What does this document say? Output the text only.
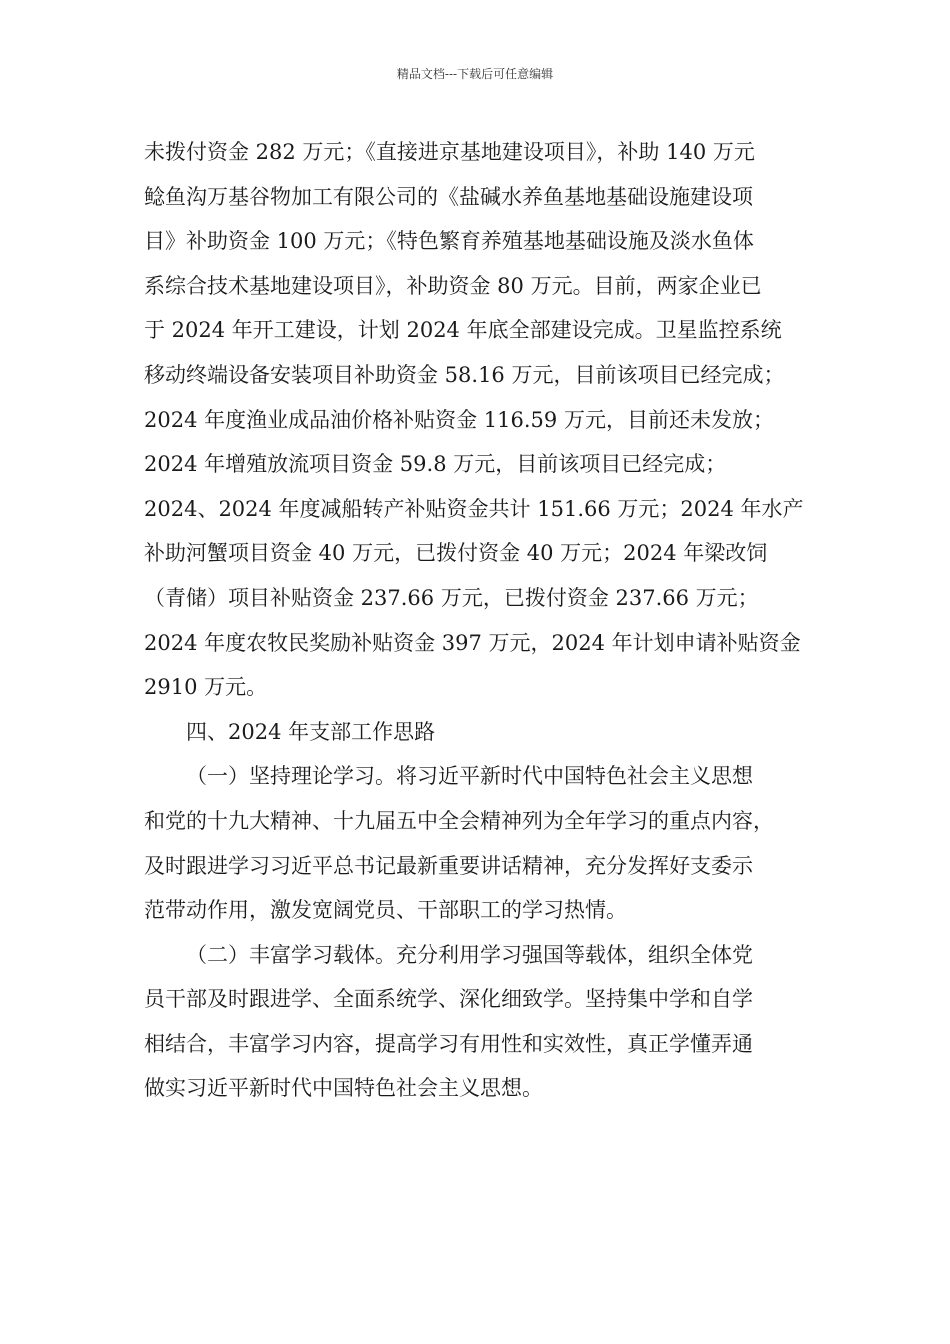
精品文档---下载后可任意编辑

未拨付资金 282 万元；《直接进京基地建设项目》，补助 140 万元

鲶鱼沟万基谷物加工有限公司的《盐碱水养鱼基地基础设施建设项

目》补助资金 100 万元；《特色繁育养殖基地基础设施及淡水鱼体

系综合技术基地建设项目》，补助资金 80 万元。目前，两家企业已

于 2024 年开工建设，计划 2024 年底全部建设完成。卫星监控系统

移动终端设备安装项目补助资金 58.16 万元，目前该项目已经完成；

2024 年度渔业成品油价格补贴资金 116.59 万元，目前还未发放；

2024 年增殖放流项目资金 59.8 万元，目前该项目已经完成；

2024、2024 年度减船转产补贴资金共计 151.66 万元；2024 年水产

补助河蟹项目资金 40 万元，已拨付资金 40 万元；2024 年梁改饲

（青储）项目补贴资金 237.66 万元，已拨付资金 237.66 万元；

2024 年度农牧民奖励补贴资金 397 万元，2024 年计划申请补贴资金

2910 万元。

四、2024 年支部工作思路

（一）坚持理论学习。将习近平新时代中国特色社会主义思想

和党的十九大精神、十九届五中全会精神列为全年学习的重点内容，

及时跟进学习习近平总书记最新重要讲话精神，充分发挥好支委示

范带动作用，激发宽阔党员、干部职工的学习热情。

（二）丰富学习载体。充分利用学习强国等载体，组织全体党

员干部及时跟进学、全面系统学、深化细致学。坚持集中学和自学

相结合，丰富学习内容，提高学习有用性和实效性，真正学懂弄通

做实习近平新时代中国特色社会主义思想。
